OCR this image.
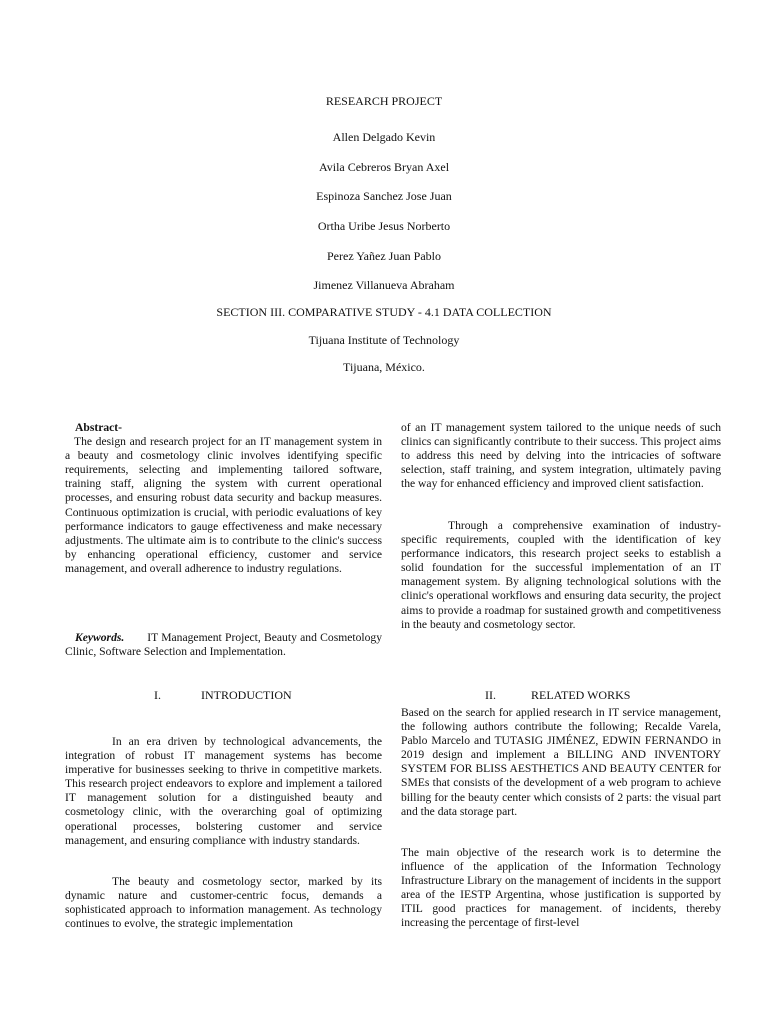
RESEARCH PROJECT
Allen Delgado Kevin
Avila Cebreros Bryan Axel
Espinoza Sanchez Jose Juan
Ortha Uribe Jesus Norberto
Perez Yañez Juan Pablo
Jimenez Villanueva Abraham
SECTION III. COMPARATIVE STUDY - 4.1 DATA COLLECTION
Tijuana Institute of Technology
Tijuana, México.

Abstract-

The design and research project for an IT management system in a beauty and cosmetology clinic involves identifying specific requirements, selecting and implementing tailored software, training staff, aligning the system with current operational processes, and ensuring robust data security and backup measures. Continuous optimization is crucial, with periodic evaluations of key performance indicators to gauge effectiveness and make necessary adjustments. The ultimate aim is to contribute to the clinic's success by enhancing operational efficiency, customer and service management, and overall adherence to industry regulations.

Keywords. IT Management Project, Beauty and Cosmetology Clinic, Software Selection and Implementation.

of an IT management system tailored to the unique needs of such clinics can significantly contribute to their success. This project aims to address this need by delving into the intricacies of software selection, staff training, and system integration, ultimately paving the way for enhanced efficiency and improved client satisfaction.

Through a comprehensive examination of industry-specific requirements, coupled with the identification of key performance indicators, this research project seeks to establish a solid foundation for the successful implementation of an IT management system. By aligning technological solutions with the clinic's operational workflows and ensuring data security, the project aims to provide a roadmap for sustained growth and competitiveness in the beauty and cosmetology sector.

I.	INTRODUCTION

In an era driven by technological advancements, the integration of robust IT management systems has become imperative for businesses seeking to thrive in competitive markets. This research project endeavors to explore and implement a tailored IT management solution for a distinguished beauty and cosmetology clinic, with the overarching goal of optimizing operational processes, bolstering customer and service management, and ensuring compliance with industry standards.

The beauty and cosmetology sector, marked by its dynamic nature and customer-centric focus, demands a sophisticated approach to information management. As technology continues to evolve, the strategic implementation

II.	RELATED WORKS

Based on the search for applied research in IT service management, the following authors contribute the following; Recalde Varela, Pablo Marcelo and TUTASIG JIMÉNEZ, EDWIN FERNANDO in 2019 design and implement a BILLING AND INVENTORY SYSTEM FOR BLISS AESTHETICS AND BEAUTY CENTER for SMEs that consists of the development of a web program to achieve billing for the beauty center which consists of 2 parts: the visual part and the data storage part.

The main objective of the research work is to determine the influence of the application of the Information Technology Infrastructure Library on the management of incidents in the support area of the IESTP Argentina, whose justification is supported by ITIL good practices for management. of incidents, thereby increasing the percentage of first-level
